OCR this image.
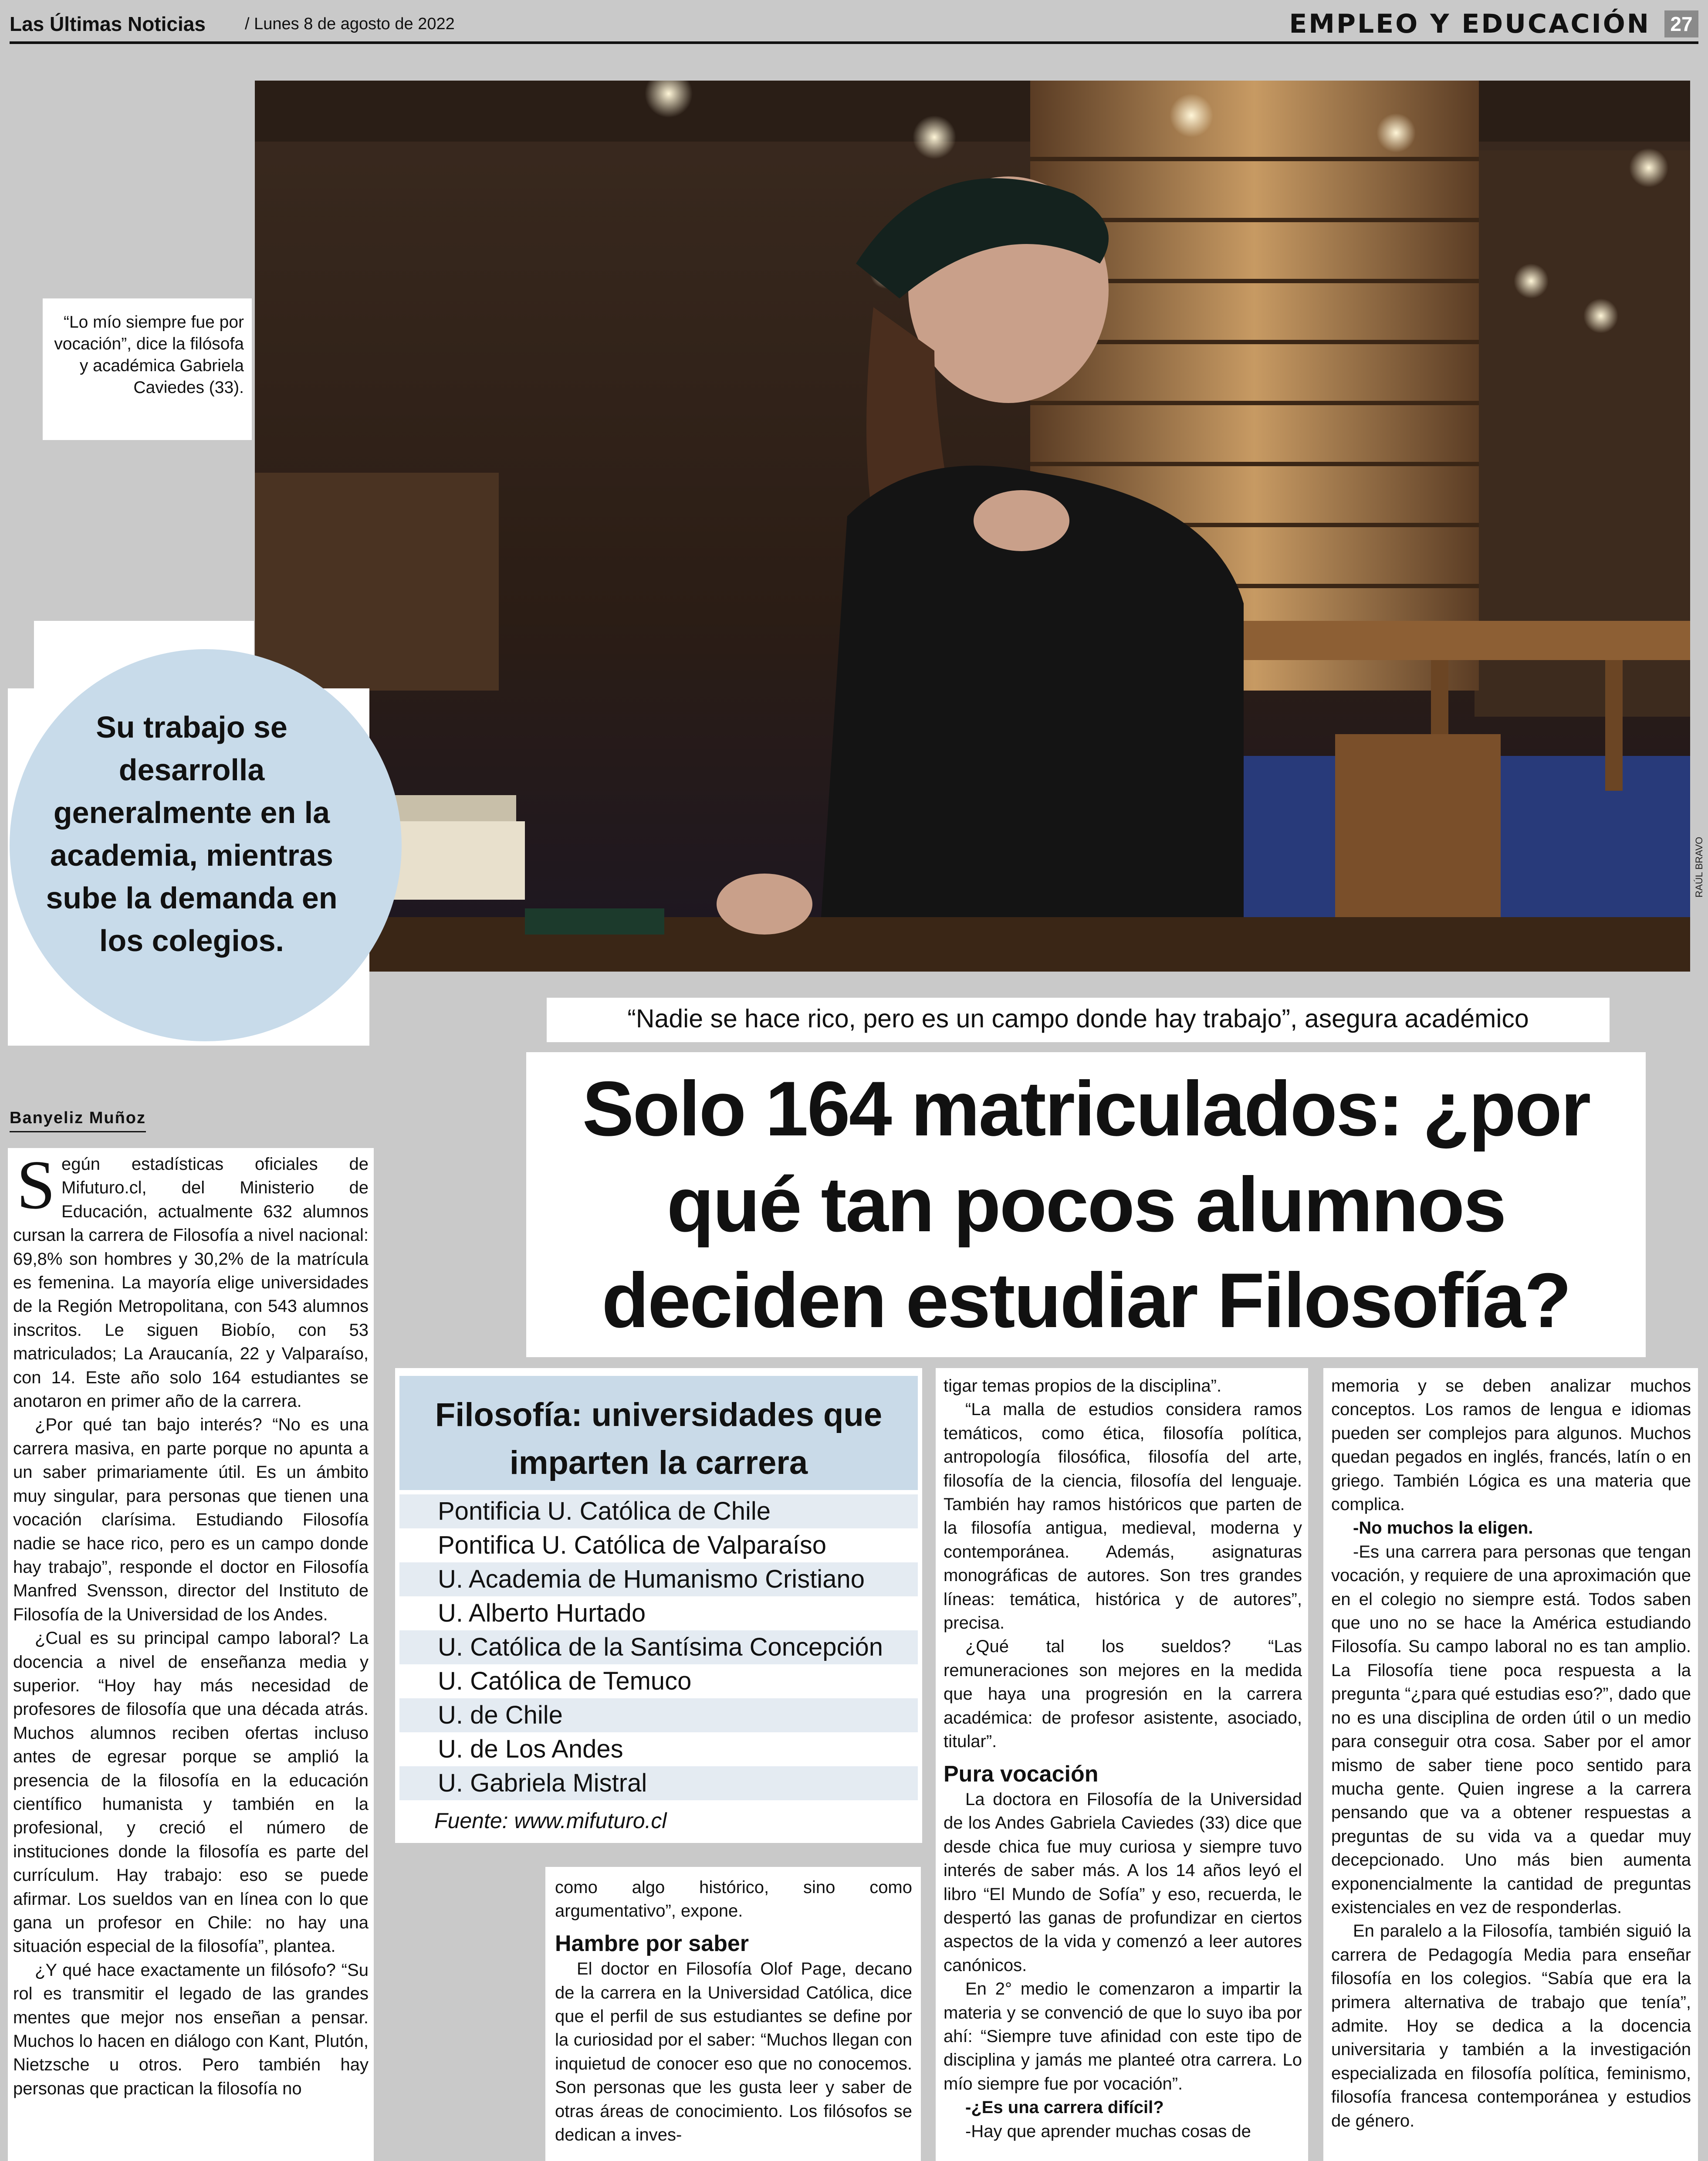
Las Últimas Noticias / Lunes 8 de agosto de 2022	EMPLEO Y EDUCACIÓN 27
RAÚL BRAVO
“Lo mío siempre fue por vocación”, dice la filósofa y académica Gabriela Caviedes (33).
Su trabajo se desarrolla generalmente en la academia, mientras sube la demanda en los colegios.
“Nadie se hace rico, pero es un campo donde hay trabajo”, asegura académico
Solo 164 matriculados: ¿por qué tan pocos alumnos deciden estudiar Filosofía?
Banyeliz Muñoz

Según estadísticas oficiales de Mifuturo.cl, del Ministerio de Educación, actualmente 632 alumnos cursan la carrera de Filosofía a nivel nacional: 69,8% son hombres y 30,2% de la matrícula es femenina. La mayoría elige universidades de la Región Metropolitana, con 543 alumnos inscritos. Le siguen Biobío, con 53 matriculados; La Araucanía, 22 y Valparaíso, con 14. Este año solo 164 estudiantes se anotaron en primer año de la carrera.

¿Por qué tan bajo interés? “No es una carrera masiva, en parte porque no apunta a un saber primariamente útil. Es un ámbito muy singular, para personas que tienen una vocación clarísima. Estudiando Filosofía nadie se hace rico, pero es un campo donde hay trabajo”, responde el doctor en Filosofía Manfred Svensson, director del Instituto de Filosofía de la Universidad de los Andes.

¿Cual es su principal campo laboral? La docencia a nivel de enseñanza media y superior. “Hoy hay más necesidad de profesores de filosofía que una década atrás. Muchos alumnos reciben ofertas incluso antes de egresar porque se amplió la presencia de la filosofía en la educación científico humanista y también en la profesional, y creció el número de instituciones donde la filosofía es parte del currículum. Hay trabajo: eso se puede afirmar. Los sueldos van en línea con lo que gana un profesor en Chile: no hay una situación especial de la filosofía”, plantea.

¿Y qué hace exactamente un filósofo? “Su rol es transmitir el legado de las grandes mentes que mejor nos enseñan a pensar. Muchos lo hacen en diálogo con Kant, Plutón, Nietzsche u otros. Pero también hay personas que practican la filosofía no

Filosofía: universidades que imparten la carrera
Pontificia U. Católica de Chile
Pontifica U. Católica de Valparaíso
U. Academia de Humanismo Cristiano
U. Alberto Hurtado
U. Católica de la Santísima Concepción
U. Católica de Temuco
U. de Chile
U. de Los Andes
U. Gabriela Mistral
Fuente: www.mifuturo.cl

como algo histórico, sino como argumentativo”, expone.

Hambre por saber

El doctor en Filosofía Olof Page, decano de la carrera en la Universidad Católica, dice que el perfil de sus estudiantes se define por la curiosidad por el saber: “Muchos llegan con inquietud de conocer eso que no conocemos. Son personas que les gusta leer y saber de otras áreas de conocimiento. Los filósofos se dedican a inves-

tigar temas propios de la disciplina”.

“La malla de estudios considera ramos temáticos, como ética, filosofía política, antropología filosófica, filosofía del arte, filosofía de la ciencia, filosofía del lenguaje. También hay ramos históricos que parten de la filosofía antigua, medieval, moderna y contemporánea. Además, asignaturas monográficas de autores. Son tres grandes líneas: temática, histórica y de autores”, precisa.

¿Qué tal los sueldos? “Las remuneraciones son mejores en la medida que haya una progresión en la carrera académica: de profesor asistente, asociado, titular”.

Pura vocación

La doctora en Filosofía de la Universidad de los Andes Gabriela Caviedes (33) dice que desde chica fue muy curiosa y siempre tuvo interés de saber más. A los 14 años leyó el libro “El Mundo de Sofía” y eso, recuerda, le despertó las ganas de profundizar en ciertos aspectos de la vida y comenzó a leer autores canónicos.

En 2° medio le comenzaron a impartir la materia y se convenció de que lo suyo iba por ahí: “Siempre tuve afinidad con este tipo de disciplina y jamás me planteé otra carrera. Lo mío siempre fue por vocación”.

-¿Es una carrera difícil?

-Hay que aprender muchas cosas de

memoria y se deben analizar muchos conceptos. Los ramos de lengua e idiomas pueden ser complejos para algunos. Muchos quedan pegados en inglés, francés, latín o en griego. También Lógica es una materia que complica.

-No muchos la eligen.

-Es una carrera para personas que tengan vocación, y requiere de una aproximación que en el colegio no siempre está. Todos saben que uno no se hace la América estudiando Filosofía. Su campo laboral no es tan amplio. La Filosofía tiene poca respuesta a la pregunta “¿para qué estudias eso?”, dado que no es una disciplina de orden útil o un medio para conseguir otra cosa. Saber por el amor mismo de saber tiene poco sentido para mucha gente. Quien ingrese a la carrera pensando que va a obtener respuestas a preguntas de su vida va a quedar muy decepcionado. Uno más bien aumenta exponencialmente la cantidad de preguntas existenciales en vez de responderlas.

En paralelo a la Filosofía, también siguió la carrera de Pedagogía Media para enseñar filosofía en los colegios. “Sabía que era la primera alternativa de trabajo que tenía”, admite. Hoy se dedica a la docencia universitaria y también a la investigación especializada en filosofía política, feminismo, filosofía francesa contemporánea y estudios de género.
